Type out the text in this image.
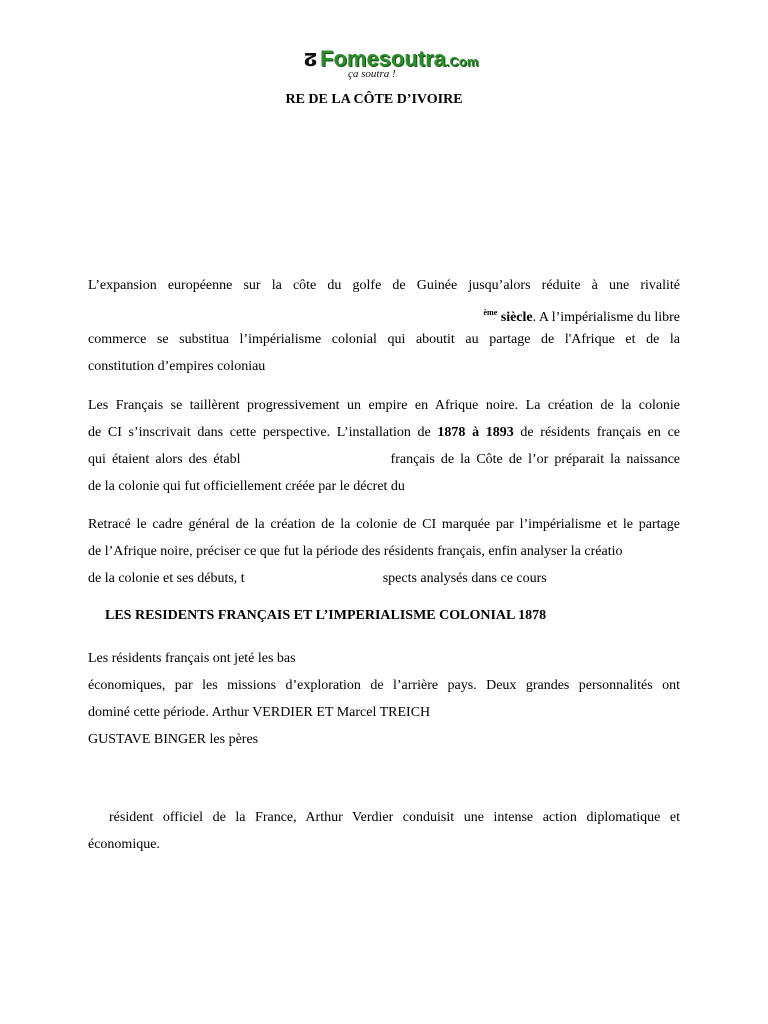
ⵒ Fomesoutra.Com
ça soutra !
RE DE LA CÔTE D’IVOIRE
L’expansion européenne sur la côte du golfe de Guinée jusqu’alors réduite à une rivalité
$^{ème}$ siècle. A l’impérialisme du libre
commerce se substitua l’impérialisme colonial qui aboutit au partage de l'Afrique et de la
constitution d’empires coloniau
Les Français se taillèrent progressivement un empire en Afrique noire. La création de la colonie
de CI s’inscrivait dans cette perspective. L’installation de 1878 à 1893 de résidents français en ce
qui étaient alors des établ	français de la Côte de l’or préparait la naissance
de la colonie qui fut officiellement créée par le décret du
Retracé le cadre général de la création de la colonie de CI marquée par l’impérialisme et le partage
de l’Afrique noire, préciser ce que fut la période des résidents français, enfin analyser la créatio
de la colonie et ses débuts, t	spects analysés dans ce cours
LES RESIDENTS FRANÇAIS ET L’IMPERIALISME COLONIAL 1878
Les résidents français ont jeté les bas
économiques, par les missions d’exploration de l’arrière pays. Deux grandes personnalités ont
dominé cette période. Arthur VERDIER ET Marcel TREICH
GUSTAVE BINGER les pères
résident officiel de la France, Arthur Verdier conduisit une intense action diplomatique et
économique.
